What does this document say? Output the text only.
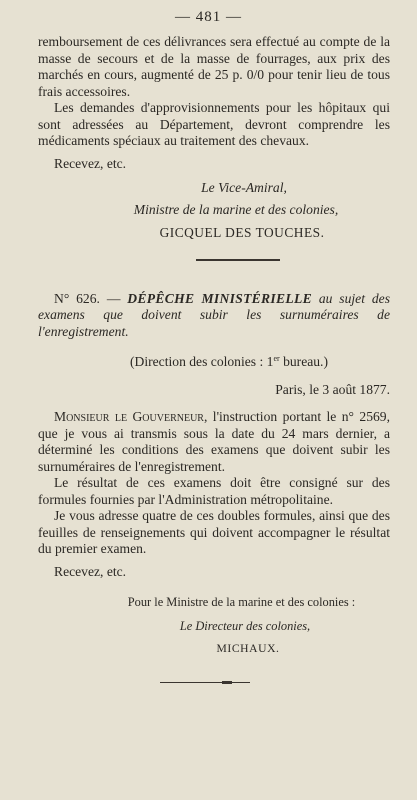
— 481 —

remboursement de ces délivrances sera effectué au compte de la masse de secours et de la masse de fourrages, aux prix des marchés en cours, augmenté de 25 p. 0/0 pour tenir lieu de tous frais accessoires.

Les demandes d'approvisionnements pour les hôpitaux qui sont adressées au Département, devront comprendre les médicaments spéciaux au traitement des chevaux.

Recevez, etc.

Le Vice-Amiral,
Ministre de la marine et des colonies,
GICQUEL DES TOUCHES.

N° 626. — DÉPÊCHE MINISTÉRIELLE au sujet des examens que doivent subir les surnuméraires de l'enregistrement.

(Direction des colonies : 1er bureau.)
Paris, le 3 août 1877.

Monsieur le Gouverneur, l'instruction portant le n° 2569, que je vous ai transmis sous la date du 24 mars dernier, a déterminé les conditions des examens que doivent subir les surnuméraires de l'enregistrement.

Le résultat de ces examens doit être consigné sur des formules fournies par l'Administration métropolitaine.

Je vous adresse quatre de ces doubles formules, ainsi que des feuilles de renseignements qui doivent accompagner le résultat du premier examen.

Recevez, etc.

Pour le Ministre de la marine et des colonies :
Le Directeur des colonies,
MICHAUX.
